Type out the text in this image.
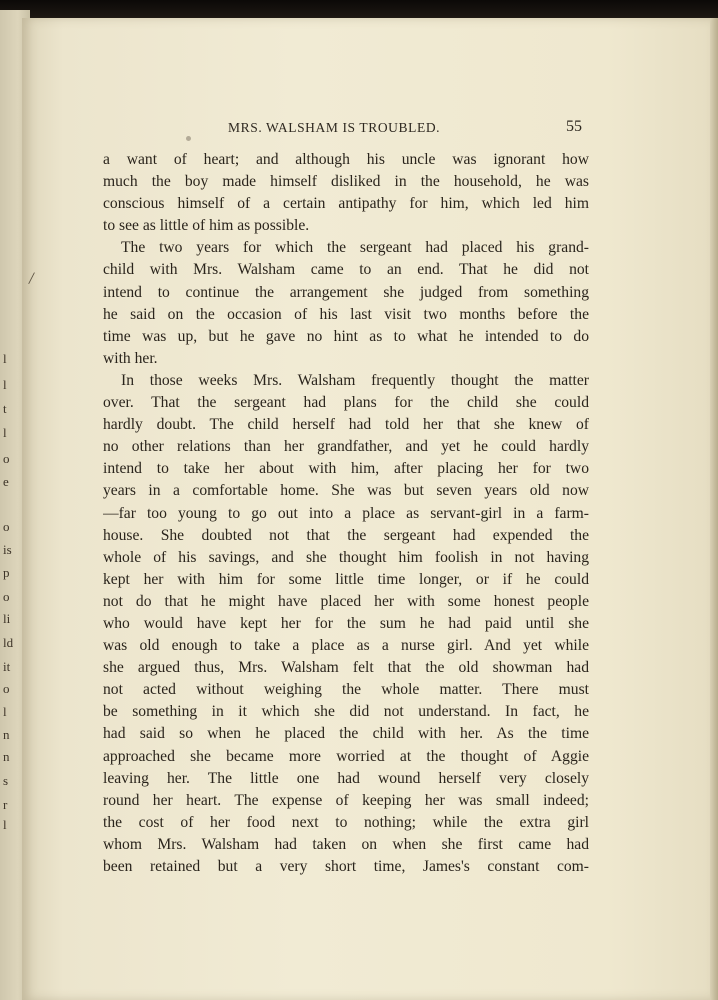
l
l
t
l
o
e
o
is
p
o
li
ld
it
o
l
n
n
s
r
l
MRS. WALSHAM IS TROUBLED.	55
/
a want of heart; and although his uncle was ignorant how
much the boy made himself disliked in the household, he was
conscious himself of a certain antipathy for him, which led him
to see as little of him as possible.
The two years for which the sergeant had placed his grand-
child with Mrs. Walsham came to an end. That he did not
intend to continue the arrangement she judged from something
he said on the occasion of his last visit two months before the
time was up, but he gave no hint as to what he intended to do
with her.
In those weeks Mrs. Walsham frequently thought the matter
over. That the sergeant had plans for the child she could
hardly doubt. The child herself had told her that she knew of
no other relations than her grandfather, and yet he could hardly
intend to take her about with him, after placing her for two
years in a comfortable home. She was but seven years old now
—far too young to go out into a place as servant-girl in a farm-
house. She doubted not that the sergeant had expended the
whole of his savings, and she thought him foolish in not having
kept her with him for some little time longer, or if he could
not do that he might have placed her with some honest people
who would have kept her for the sum he had paid until she
was old enough to take a place as a nurse girl. And yet while
she argued thus, Mrs. Walsham felt that the old showman had
not acted without weighing the whole matter. There must
be something in it which she did not understand. In fact, he
had said so when he placed the child with her. As the time
approached she became more worried at the thought of Aggie
leaving her. The little one had wound herself very closely
round her heart. The expense of keeping her was small indeed;
the cost of her food next to nothing; while the extra girl
whom Mrs. Walsham had taken on when she first came had
been retained but a very short time, James's constant com-
